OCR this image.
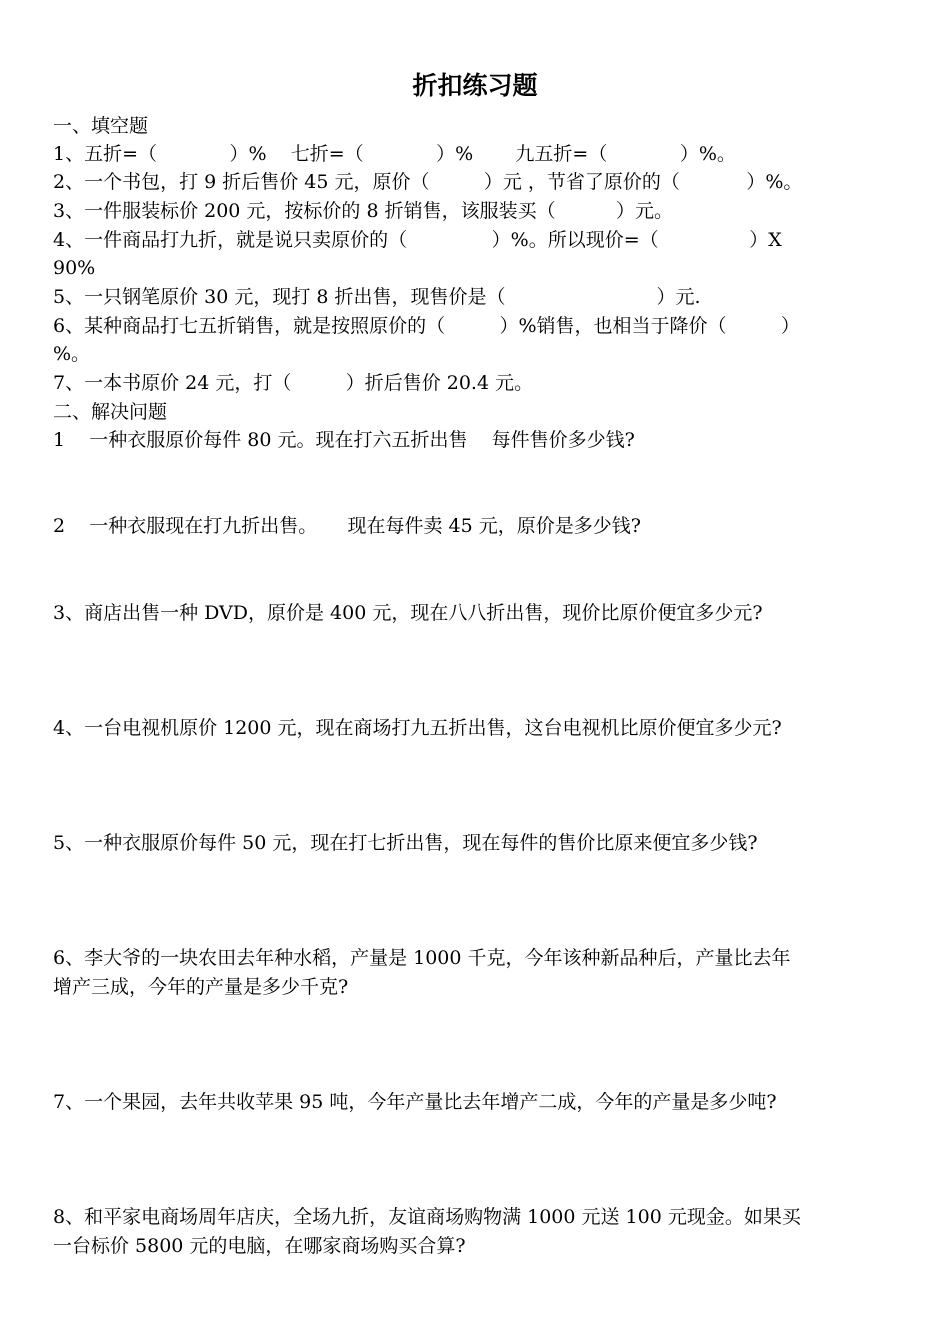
折扣练习题
一、填空题
1、五折=（            ）%    七折=（            ）%       九五折=（            ）%。
2、一个书包，打 9 折后售价 45 元，原价（         ）元 ，节省了原价的（           ）%。
3、一件服装标价 200 元，按标价的 8 折销售，该服装买（          ）元。
4、一件商品打九折，就是说只卖原价的（              ）%。所以现价=（               ）X
90%
5、一只钢笔原价 30 元，现打 8 折出售，现售价是（                         ）元.
6、某种商品打七五折销售，就是按照原价的（         ）%销售，也相当于降价（         ）
%。
7、一本书原价 24 元，打（         ）折后售价 20.4 元。
二、解决问题
1    一种衣服原价每件 80 元。现在打六五折出售    每件售价多少钱?
2    一种衣服现在打九折出售。     现在每件卖 45 元，原价是多少钱?
3、商店出售一种 DVD，原价是 400 元，现在八八折出售，现价比原价便宜多少元?
4、一台电视机原价 1200 元，现在商场打九五折出售，这台电视机比原价便宜多少元?
5、一种衣服原价每件 50 元，现在打七折出售，现在每件的售价比原来便宜多少钱?
6、李大爷的一块农田去年种水稻，产量是 1000 千克，今年该种新品种后，产量比去年
增产三成，今年的产量是多少千克?
7、一个果园，去年共收苹果 95 吨，今年产量比去年增产二成，今年的产量是多少吨?
8、和平家电商场周年店庆，全场九折，友谊商场购物满 1000 元送 100 元现金。如果买
一台标价 5800 元的电脑，在哪家商场购买合算?
